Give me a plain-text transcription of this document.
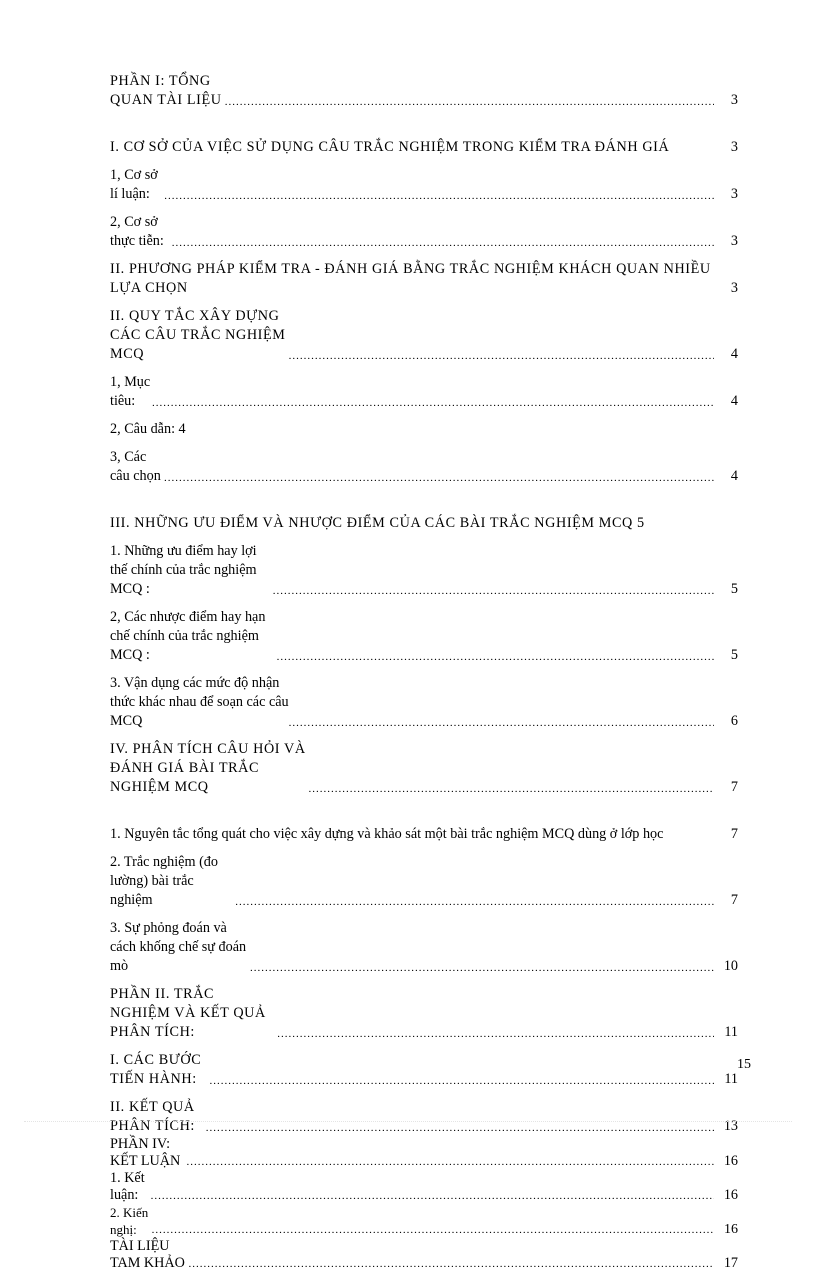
PHẦN I: TỔNG QUAN TÀI LIỆU .....	3
I. CƠ SỞ CỦA VIỆC SỬ DỤNG CÂU TRẮC NGHIỆM TRONG KIỂM TRA ĐÁNH GIÁ	3
1, Cơ sở lí luận: .....	3
2, Cơ sở thực tiễn: .....	3
II. PHƯƠNG PHÁP KIỂM TRA - ĐÁNH GIÁ BẰNG TRẮC NGHIỆM KHÁCH QUAN NHIỀU LỰA CHỌN	3
II. QUY TẮC XÂY DỰNG CÁC CÂU TRẮC NGHIỆM MCQ .....	4
1, Mục tiêu: .....	4
2, Câu dẫn: 4
3, Các câu chọn .....	4
III. NHỮNG ƯU ĐIỂM VÀ NHƯỢC ĐIỂM CỦA CÁC BÀI TRẮC NGHIỆM MCQ 5
1. Những ưu điểm hay lợi thế chính của trắc nghiệm MCQ : .....	5
2, Các nhược điểm hay hạn chế chính của trắc nghiệm MCQ : .....	5
3. Vận dụng các mức độ nhận thức khác nhau để soạn các câu MCQ .....	6
IV. PHÂN TÍCH CÂU HỎI VÀ ĐÁNH GIÁ BÀI TRẮC NGHIỆM MCQ .....	7
1. Nguyên tắc tổng quát cho việc xây dựng và khảo sát một bài trắc nghiệm MCQ dùng ở lớp học	7
2. Trắc nghiệm (đo lường) bài trắc nghiệm .....	7
3. Sự phỏng đoán và cách khống chế sự đoán mò .....	10
PHẦN II. TRẮC NGHIỆM VÀ KẾT QUẢ PHÂN TÍCH: .....	11
I. CÁC BƯỚC TIẾN HÀNH: .....	11
II. KẾT QUẢ PHÂN TÍCH: .....	13
PHẦN IV: KẾT LUẬN .....	16
1. Kết luận: .....	16
2. Kiến nghị: .....	16
TÀI LIỆU TAM KHẢO .....	17
15
